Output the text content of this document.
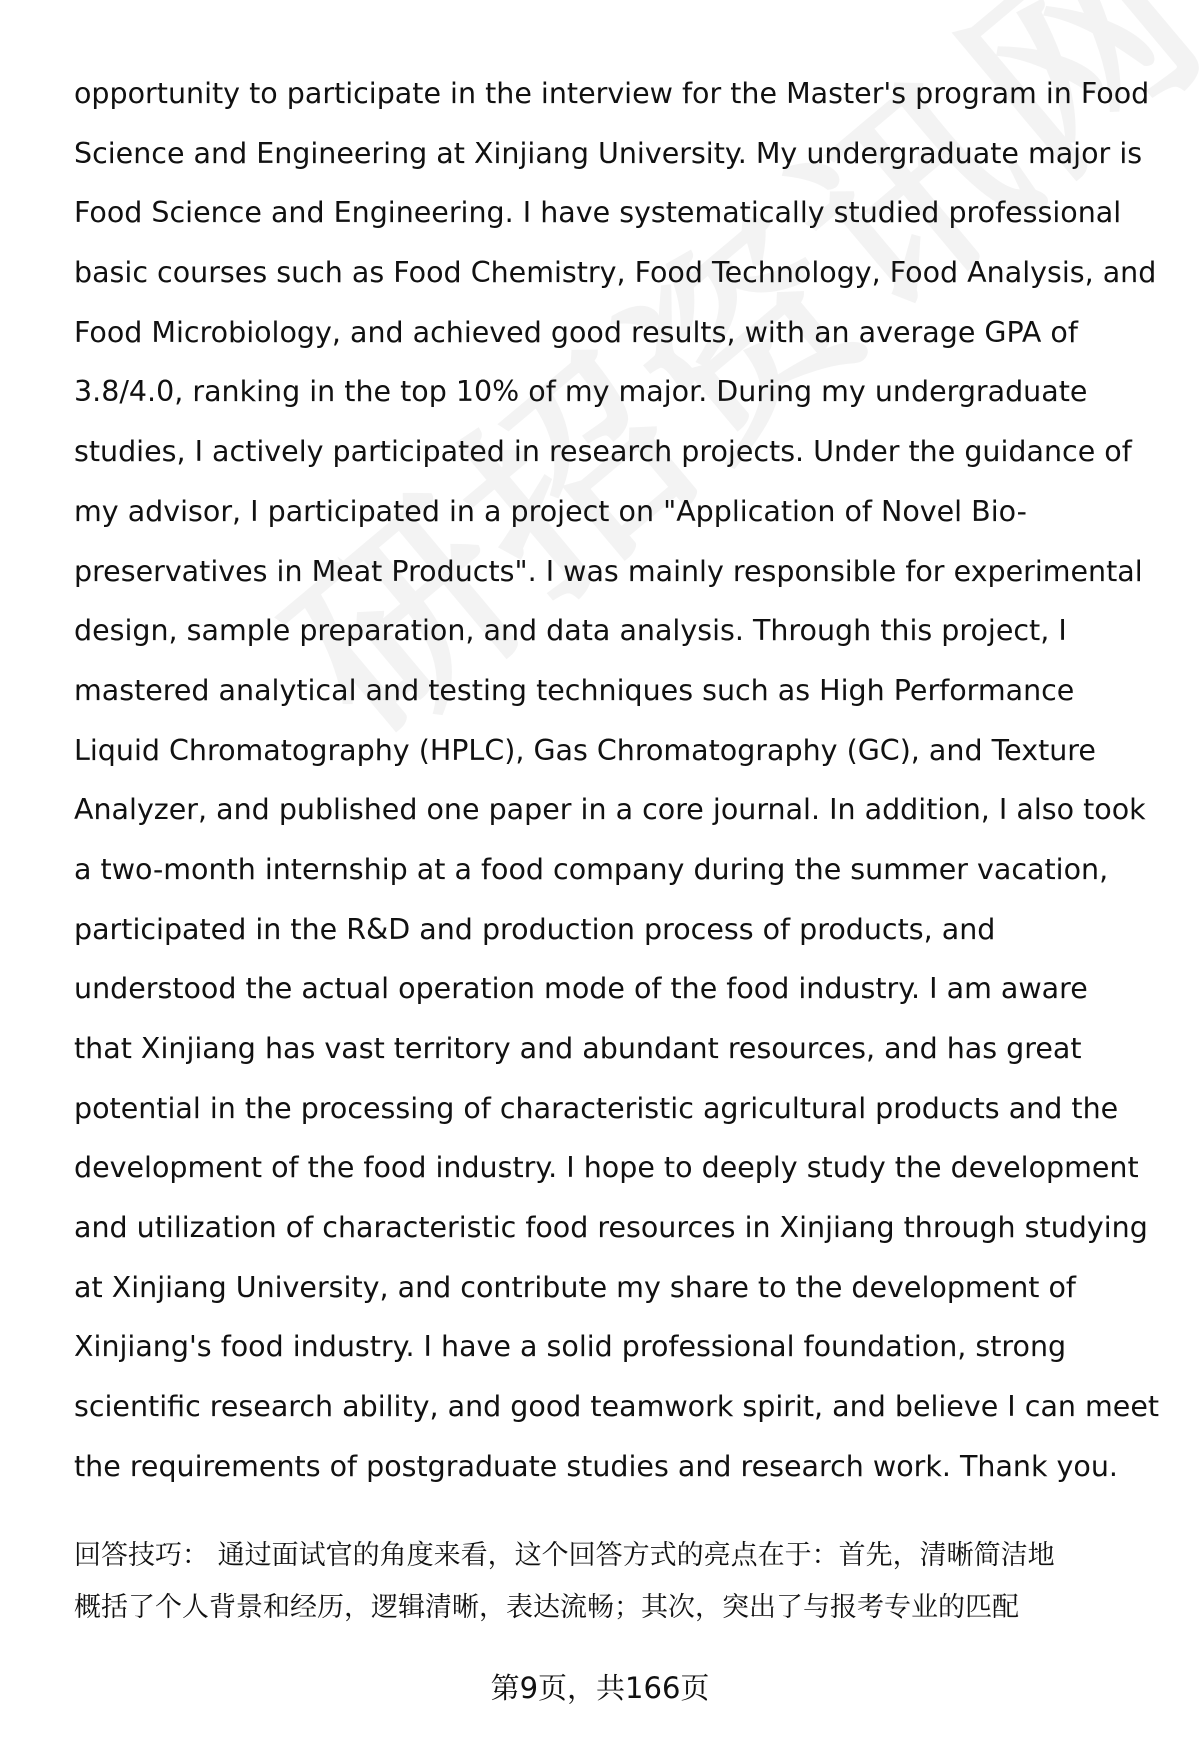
opportunity to participate in the interview for the Master's program in Food
Science and Engineering at Xinjiang University. My undergraduate major is
Food Science and Engineering. I have systematically studied professional
basic courses such as Food Chemistry, Food Technology, Food Analysis, and
Food Microbiology, and achieved good results, with an average GPA of
3.8/4.0, ranking in the top 10% of my major. During my undergraduate
studies, I actively participated in research projects. Under the guidance of
my advisor, I participated in a project on "Application of Novel Bio-
preservatives in Meat Products". I was mainly responsible for experimental
design, sample preparation, and data analysis. Through this project, I
mastered analytical and testing techniques such as High Performance
Liquid Chromatography (HPLC), Gas Chromatography (GC), and Texture
Analyzer, and published one paper in a core journal. In addition, I also took
a two-month internship at a food company during the summer vacation,
participated in the R&D and production process of products, and
understood the actual operation mode of the food industry. I am aware
that Xinjiang has vast territory and abundant resources, and has great
potential in the processing of characteristic agricultural products and the
development of the food industry. I hope to deeply study the development
and utilization of characteristic food resources in Xinjiang through studying
at Xinjiang University, and contribute my share to the development of
Xinjiang's food industry. I have a solid professional foundation, strong
scientific research ability, and good teamwork spirit, and believe I can meet
the requirements of postgraduate studies and research work. Thank you.
回答技巧： 通过面试官的角度来看，这个回答方式的亮点在于：首先，清晰简洁地
概括了个人背景和经历，逻辑清晰，表达流畅；其次，突出了与报考专业的匹配
第9页，共166页
